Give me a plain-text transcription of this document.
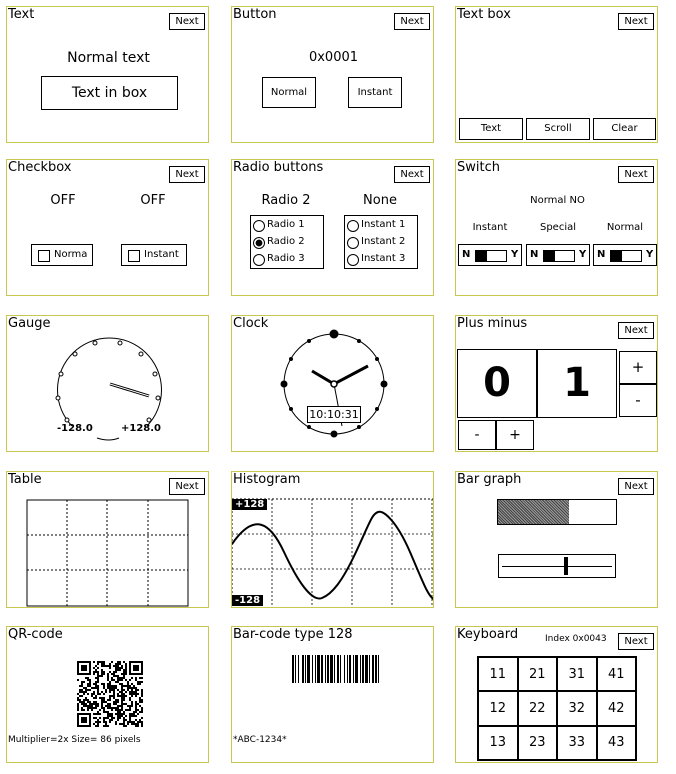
Text	Next
Normal text
Text in box
Button	Next
0x0001
Normal	Instant
Text box	Next
Text	Scroll	Clear
Checkbox	Next
OFF	OFF
Norma	Instant
Radio buttons	Next
Radio 2	None
Radio 1
Radio 2
Radio 3
Instant 1
Instant 2
Instant 3
Switch	Next
Normal NO
Instant	Special	Normal
N	Y N	Y N	Y
Gauge
-128.0	+128.0
Clock
10:10:31
Plus minus	Next
0	1	+
-
-	+
Table	Next	Histogram
+128
-128
Bar graph	Next
QR-code
Multiplier=2x Size= 86 pixels
Bar-code type 128
*ABC-1234*
Keyboard	Index 0x0043	Next
11	21	31	41
12	22	32	42
13	23	33	43
